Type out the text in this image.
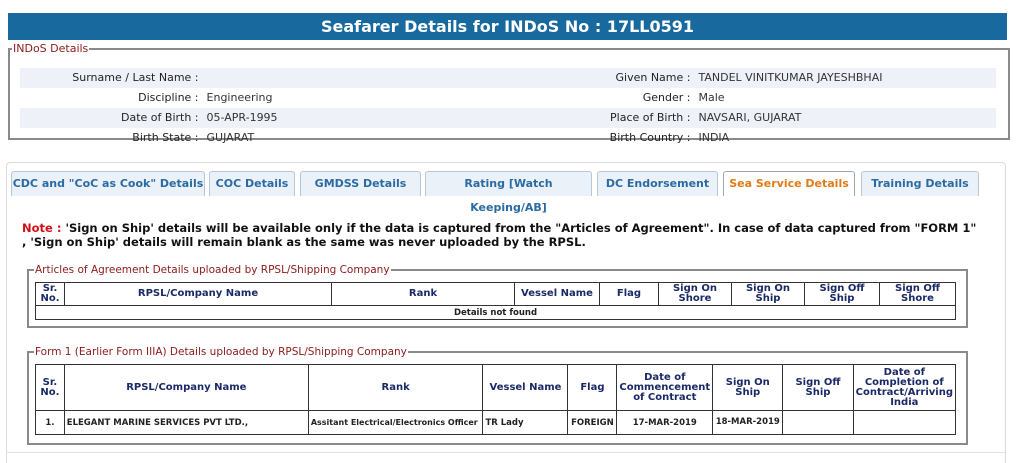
Seafarer Details for INDoS No : 17LL0591
INDoS Details
Surname / Last Name :	Given Name : TANDEL VINITKUMAR JAYESHBHAI
Discipline : Engineering	Gender : Male
Date of Birth : 05-APR-1995	Place of Birth : NAVSARI, GUJARAT
Birth State : GUJARAT	Birth Country : INDIA
CDC and "CoC as Cook" Details	COC Details	GMDSS Details	Rating [Watch Keeping/AB]
DC Endorsement	Sea Service Details	Training Details
Note : 'Sign on Ship' details will be available only if the data is captured from the "Articles of Agreement". In case of data captured from "FORM 1" , 'Sign on Ship' details will remain blank as the same was never uploaded by the RPSL.
Articles of Agreement Details uploaded by RPSL/Shipping Company
Sr. No.	RPSL/Company Name	Rank	Vessel Name	Flag	Sign On Shore	Sign On Ship	Sign Off Ship	Sign Off Shore
Details not found
Form 1 (Earlier Form IIIA) Details uploaded by RPSL/Shipping Company
Sr. No.	RPSL/Company Name	Rank	Vessel Name	Flag	Date of Commencement of Contract	Sign On Ship	Sign Off Ship	Date of Completion of Contract/Arriving India
1.	ELEGANT MARINE SERVICES PVT LTD.,	Assitant Electrical/Electronics Officer	TR Lady	FOREIGN	17-MAR-2019	18-MAR-2019		
